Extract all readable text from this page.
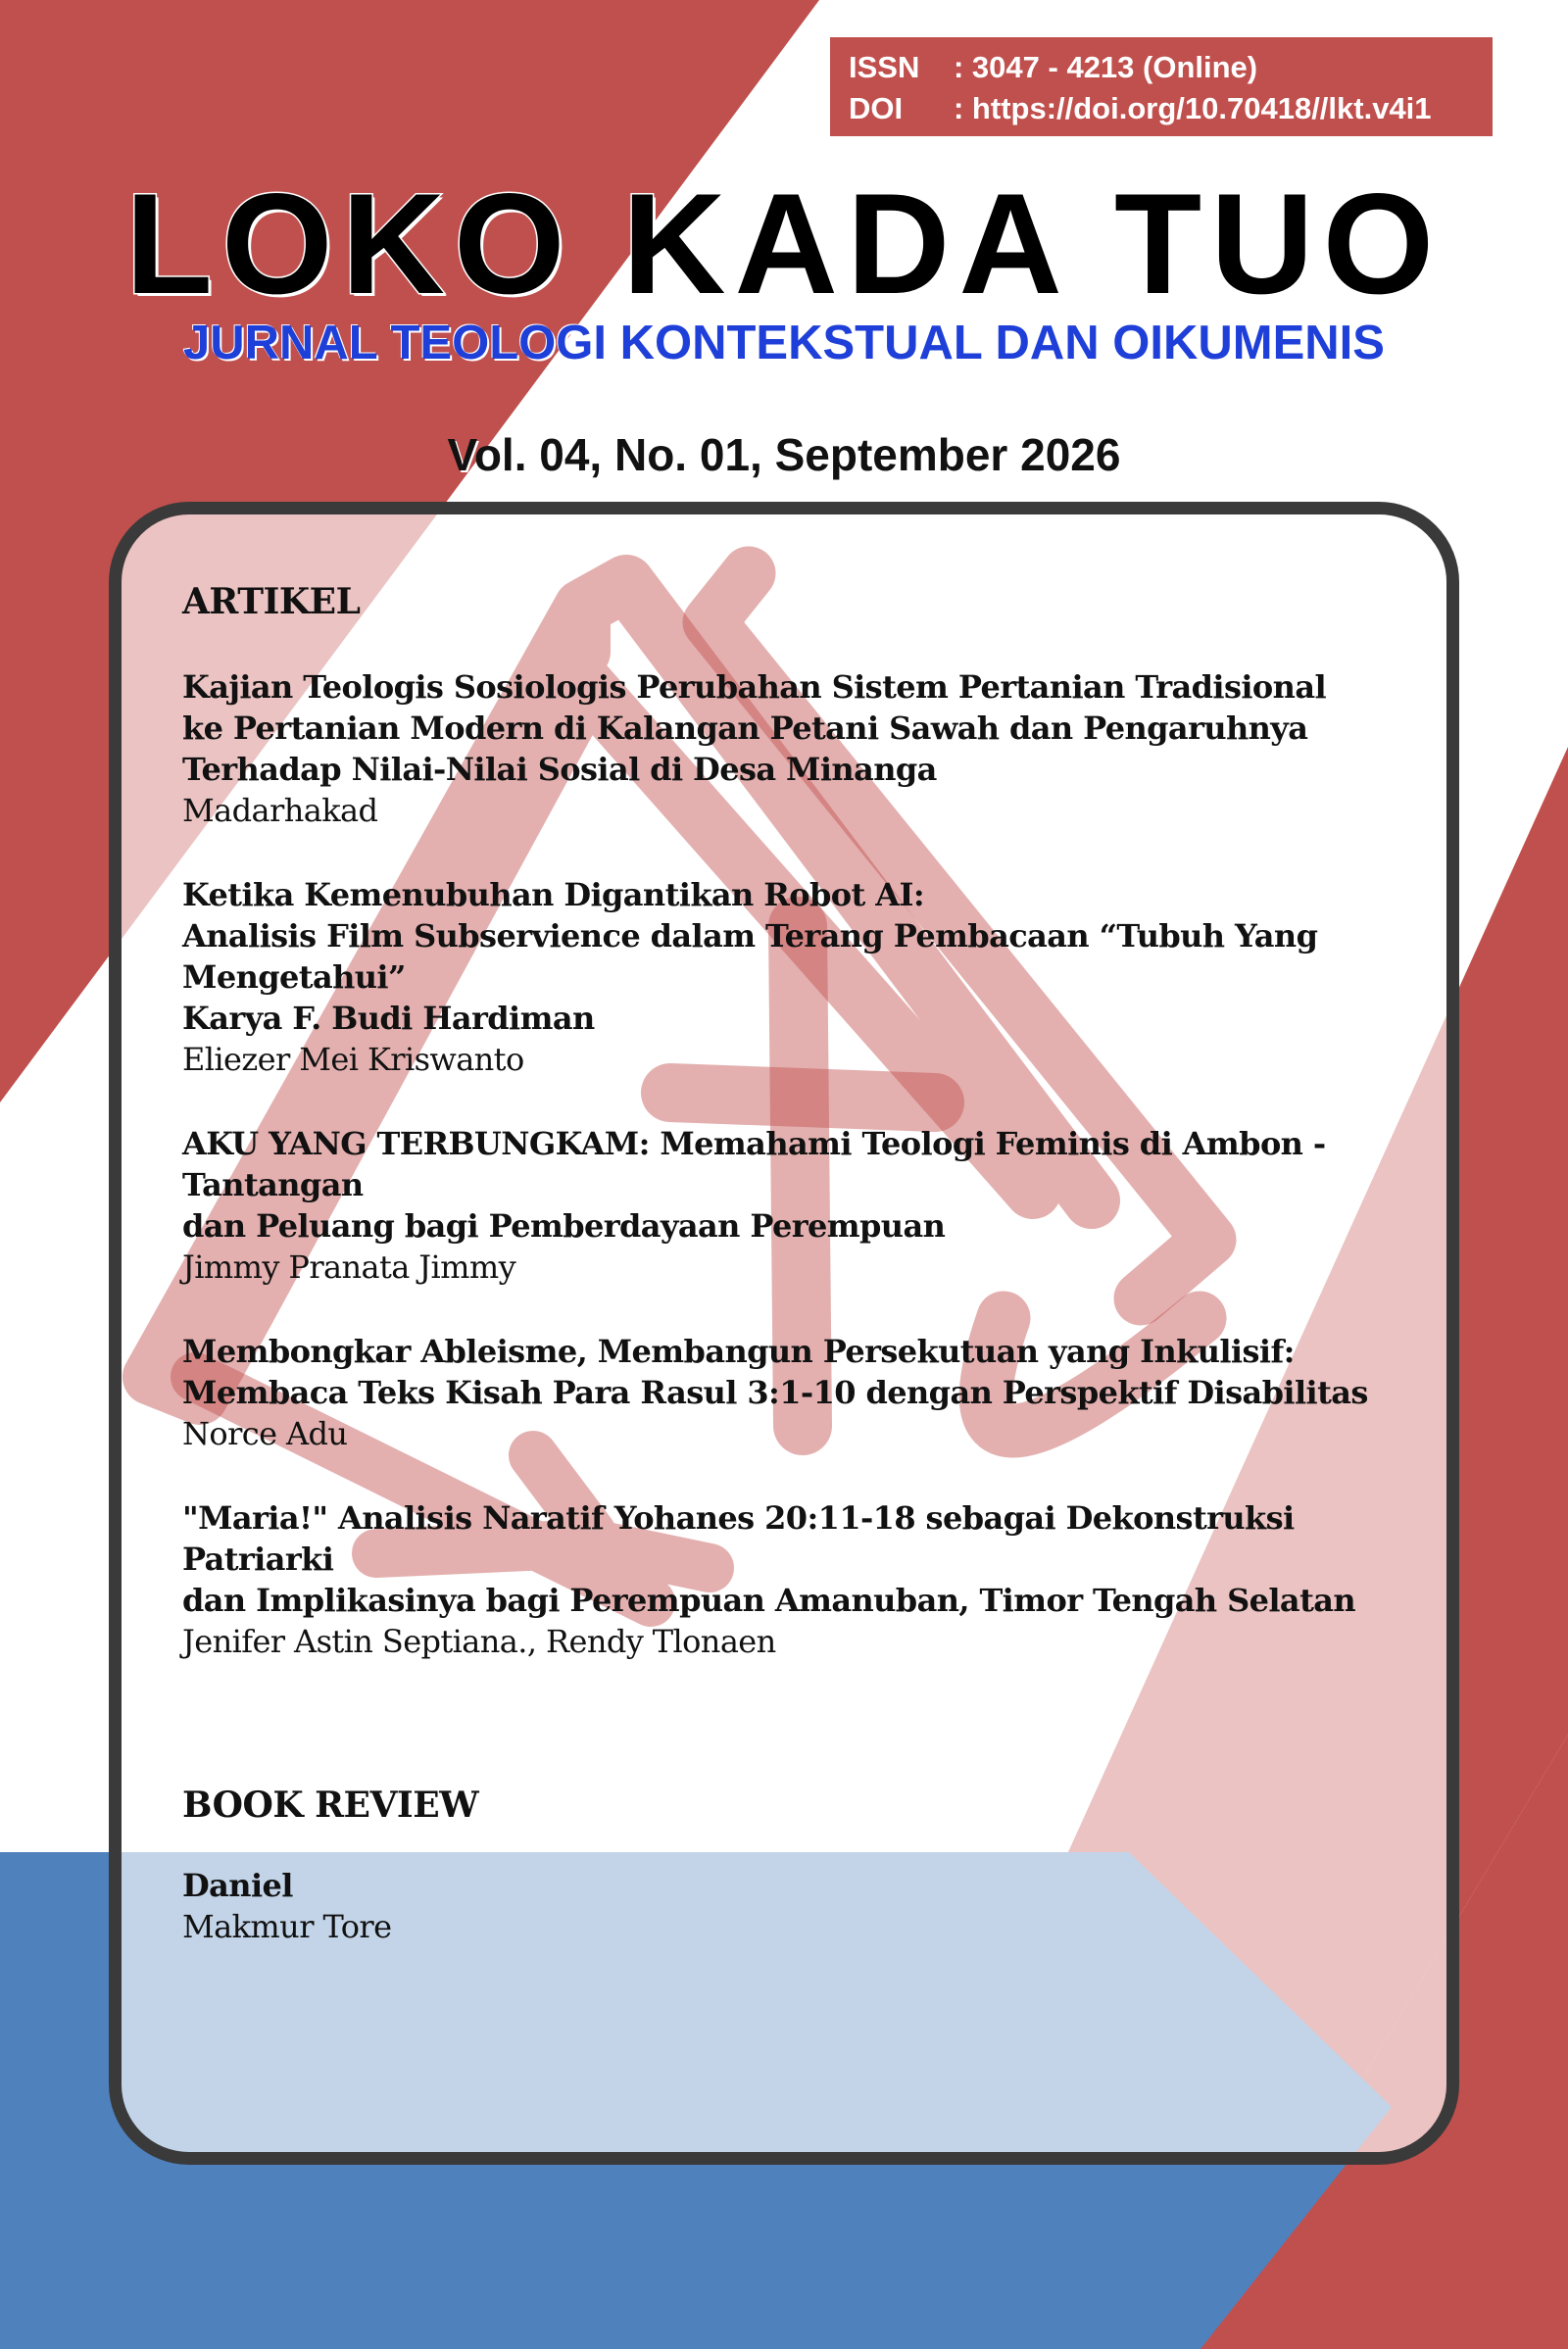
ISSN	: 3047 - 4213 (Online)
DOI	: https://doi.org/10.70418//lkt.v4i1
LOKO KADA TUO
JURNAL TEOLOGI KONTEKSTUAL DAN OIKUMENIS
Vol. 04, No. 01, September 2026
ARTIKEL
Kajian Teologis Sosiologis Perubahan Sistem Pertanian Tradisional
ke Pertanian Modern di Kalangan Petani Sawah dan Pengaruhnya
Terhadap Nilai-Nilai Sosial di Desa Minanga
Madarhakad
Ketika Kemenubuhan Digantikan Robot AI:
Analisis Film Subservience dalam Terang Pembacaan “Tubuh Yang Mengetahui”
Karya F. Budi Hardiman
Eliezer Mei Kriswanto
AKU YANG TERBUNGKAM: Memahami Teologi Feminis di Ambon - Tantangan
dan Peluang bagi Pemberdayaan Perempuan
Jimmy Pranata Jimmy
Membongkar Ableisme, Membangun Persekutuan yang Inkulisif:
Membaca Teks Kisah Para Rasul 3:1-10 dengan Perspektif Disabilitas
Norce Adu
"Maria!" Analisis Naratif Yohanes 20:11-18 sebagai Dekonstruksi Patriarki
dan Implikasinya bagi Perempuan Amanuban, Timor Tengah Selatan
Jenifer Astin Septiana., Rendy Tlonaen
BOOK REVIEW
Daniel
Makmur Tore
